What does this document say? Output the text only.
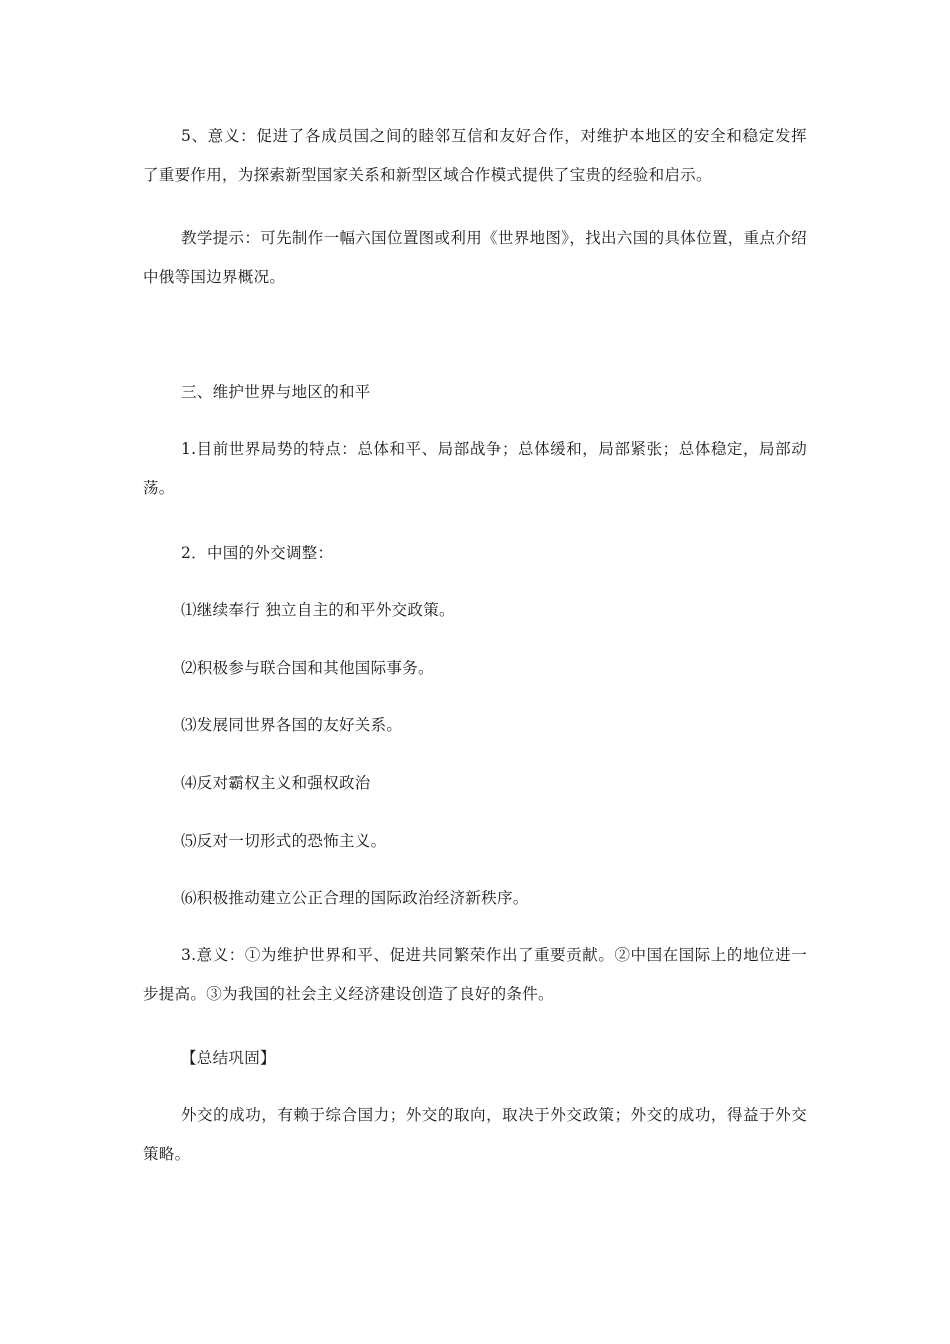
5、意义：促进了各成员国之间的睦邻互信和友好合作，对维护本地区的安全和稳定发挥了重要作用，为探索新型国家关系和新型区域合作模式提供了宝贵的经验和启示。

教学提示：可先制作一幅六国位置图或利用《世界地图》，找出六国的具体位置，重点介绍中俄等国边界概况。

三、维护世界与地区的和平

1.目前世界局势的特点：总体和平、局部战争；总体缓和，局部紧张；总体稳定，局部动荡。

2．中国的外交调整：

⑴继续奉行 独立自主的和平外交政策。

⑵积极参与联合国和其他国际事务。

⑶发展同世界各国的友好关系。

⑷反对霸权主义和强权政治

⑸反对一切形式的恐怖主义。

⑹积极推动建立公正合理的国际政治经济新秩序。

3.意义：①为维护世界和平、促进共同繁荣作出了重要贡献。②中国在国际上的地位进一步提高。③为我国的社会主义经济建设创造了良好的条件。

【总结巩固】

外交的成功，有赖于综合国力；外交的取向，取决于外交政策；外交的成功，得益于外交策略。
